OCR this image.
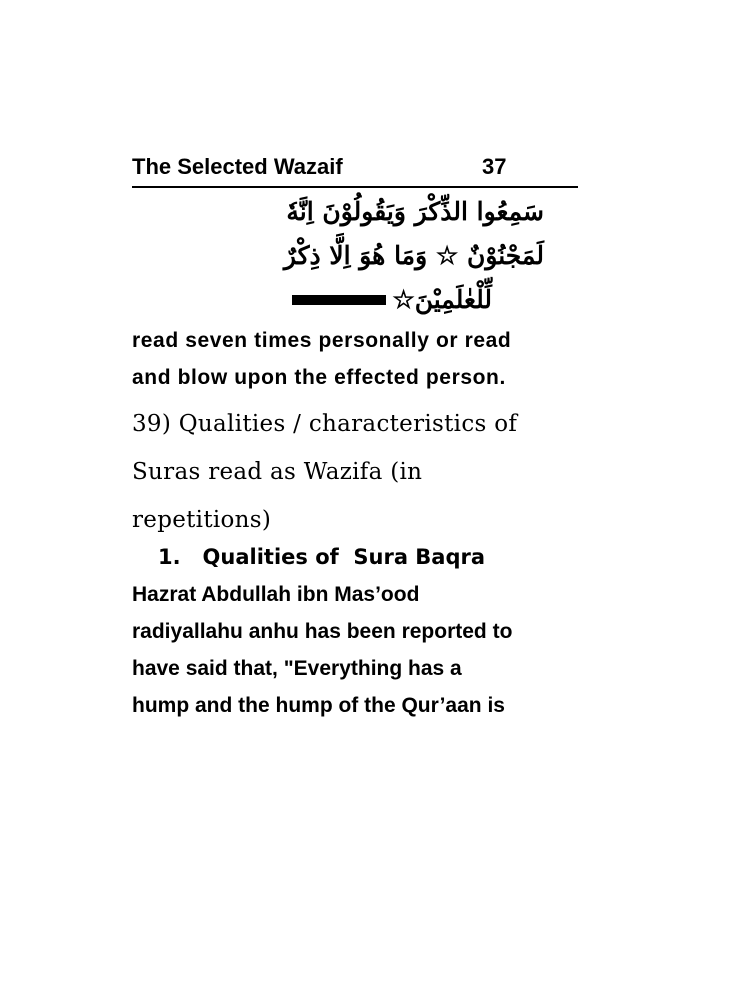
The Selected Wazaif	37
سَمِعُوا الذِّكْرَ وَيَقُولُوْنَ اِنَّهٗ
لَمَجْنُوْنٌ ☆ وَمَا هُوَ اِلَّا ذِكْرٌ
لِّلْعٰلَمِيْنَ
☆
read seven times personally or read
and blow upon the effected person.
39) Qualities / characteristics of
Suras read as Wazifa (in
repetitions)
1. Qualities of Sura Baqra
Hazrat Abdullah ibn Mas’ood
radiyallahu anhu has been reported to
have said that, "Everything has a
hump and the hump of the Qur’aan is
